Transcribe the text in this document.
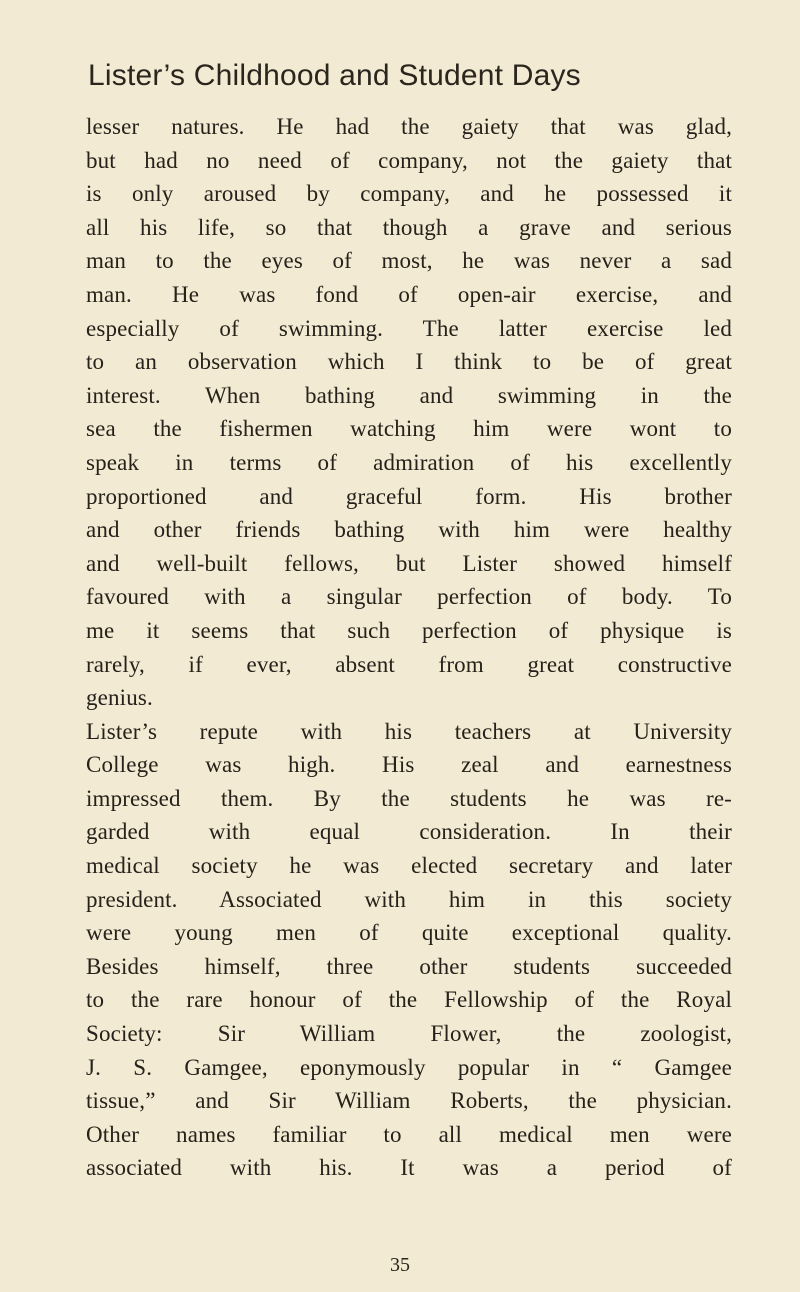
Lister’s Childhood and Student Days
lesser natures. He had the gaiety that was glad,
but had no need of company, not the gaiety that
is only aroused by company, and he possessed it
all his life, so that though a grave and serious
man to the eyes of most, he was never a sad
man. He was fond of open-air exercise, and
especially of swimming. The latter exercise led
to an observation which I think to be of great
interest. When bathing and swimming in the
sea the fishermen watching him were wont to
speak in terms of admiration of his excellently
proportioned and graceful form. His brother
and other friends bathing with him were healthy
and well-built fellows, but Lister showed himself
favoured with a singular perfection of body. To
me it seems that such perfection of physique is
rarely, if ever, absent from great constructive
genius.
Lister’s repute with his teachers at University
College was high. His zeal and earnestness
impressed them. By the students he was re-
garded with equal consideration. In their
medical society he was elected secretary and later
president. Associated with him in this society
were young men of quite exceptional quality.
Besides himself, three other students succeeded
to the rare honour of the Fellowship of the Royal
Society: Sir William Flower, the zoologist,
J. S. Gamgee, eponymously popular in “ Gamgee
tissue,” and Sir William Roberts, the physician.
Other names familiar to all medical men were
associated with his. It was a period of
35
